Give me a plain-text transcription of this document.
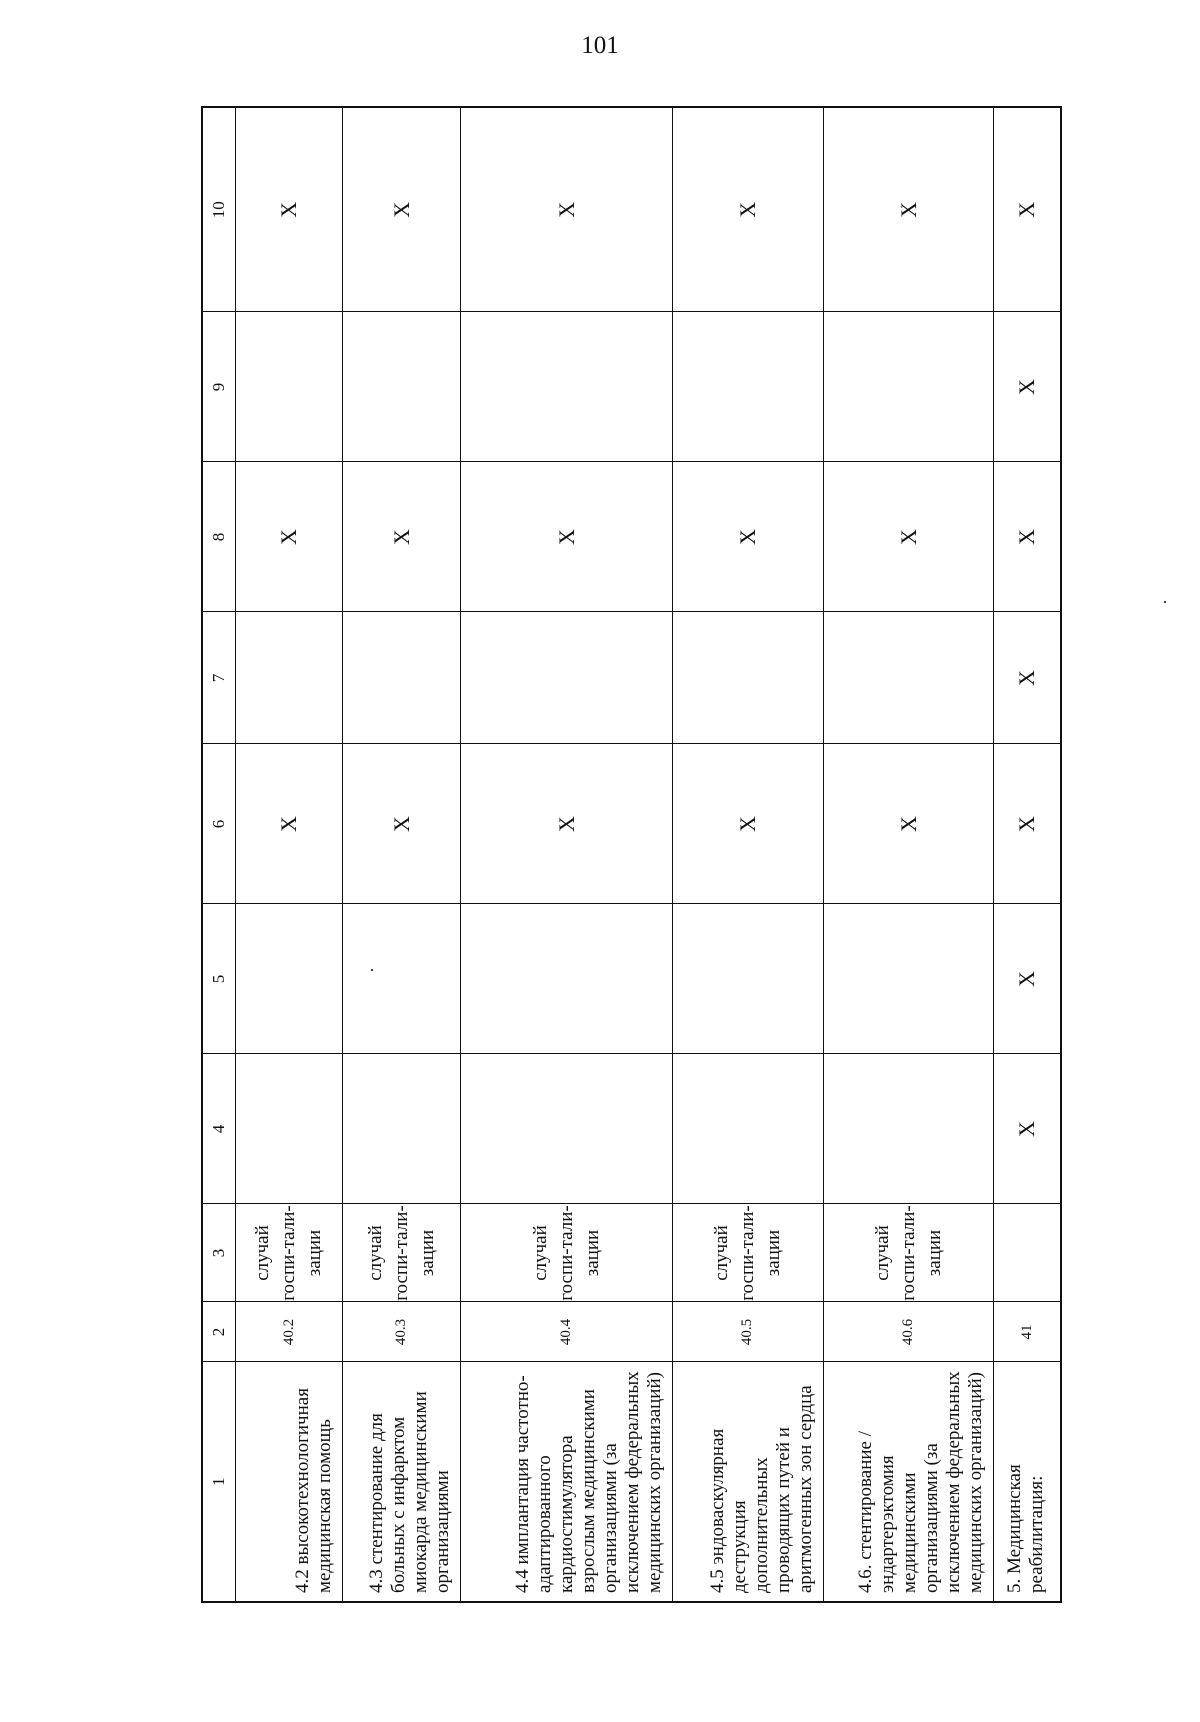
101
1	2	3	4	5	6	7	8	9	10
4.2 высокотехнологичная медицинская помощь	40.2	случай госпи-тали-зации			X		X		X
4.3 стентирование для больных с инфарктом миокарда медицинскими организациями	40.3	случай госпи-тали-зации			X		X		X
4.4 имплантация частотно-адаптированного кардиостимулятора взрослым медицинскими организациями (за исключением федеральных медицинских организаций)	40.4	случай госпи-тали-зации			X		X		X
4.5 эндоваскулярная деструкция дополнительных проводящих путей и аритмогенных зон сердца	40.5	случай госпи-тали-зации			X		X		X
4.6. стентирование / эндартерэктомия медицинскими организациями (за исключением федеральных медицинских организаций)	40.6	случай госпи-тали-зации			X		X		X
5. Медицинская реабилитация:	41		X	X	X	X	X	X	X
·
·
